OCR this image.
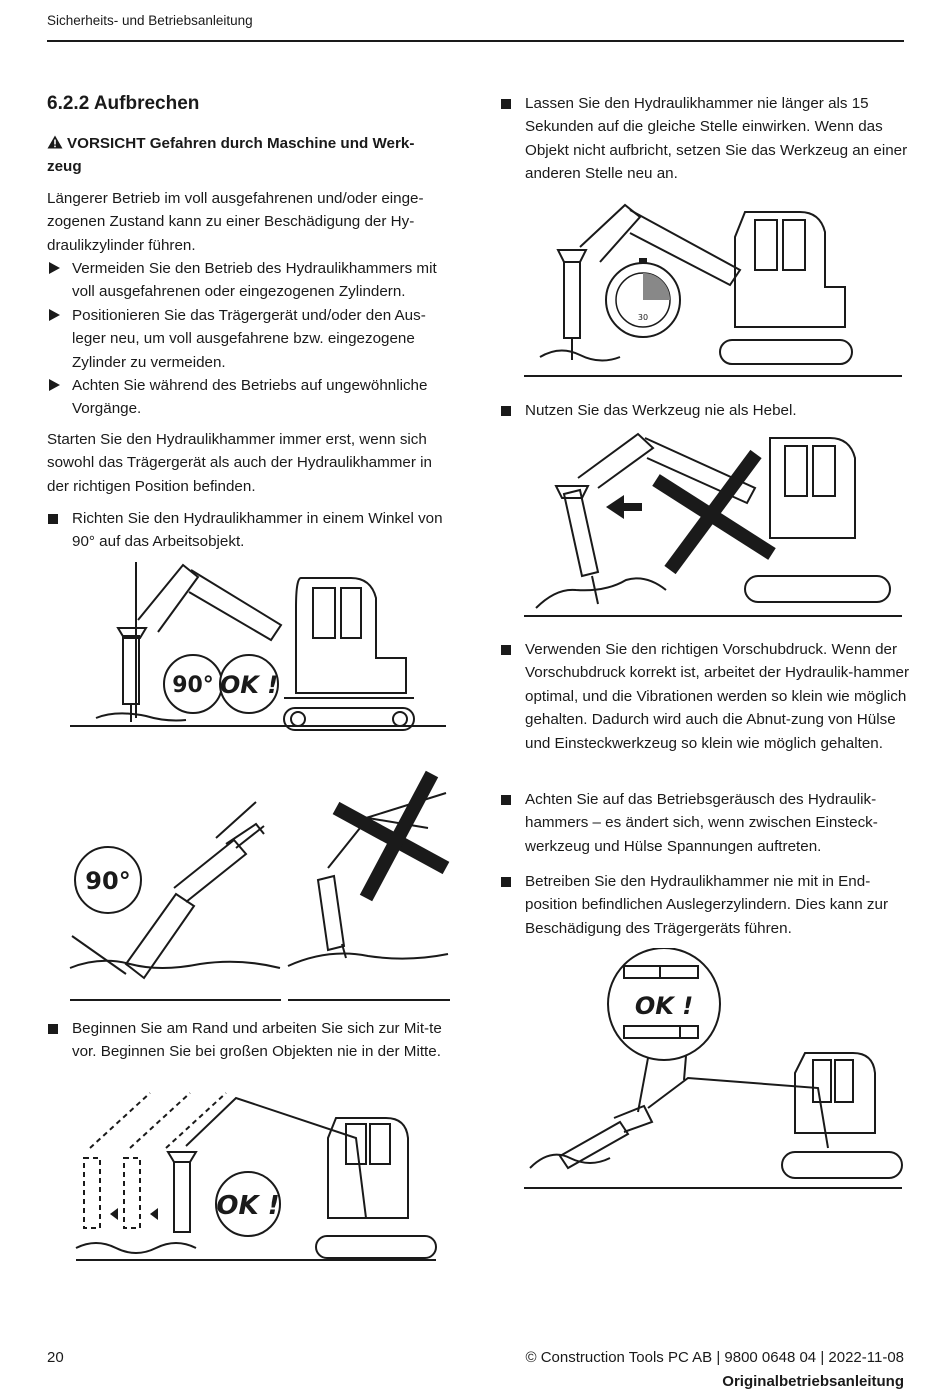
Sicherheits- und Betriebsanleitung
6.2.2 Aufbrechen
VORSICHT Gefahren durch Maschine und Werk-
zeug
Längerer Betrieb im voll ausgefahrenen und/oder einge-zogenen Zustand kann zu einer Beschädigung der Hy-draulikzylinder führen.
Vermeiden Sie den Betrieb des Hydraulikhammers mit voll ausgefahrenen oder eingezogenen Zylindern.
Positionieren Sie das Trägergerät und/oder den Aus-leger neu, um voll ausgefahrene bzw. eingezogene Zylinder zu vermeiden.
Achten Sie während des Betriebs auf ungewöhnliche Vorgänge.
Starten Sie den Hydraulikhammer immer erst, wenn sich sowohl das Trägergerät als auch der Hydraulikhammer in der richtigen Position befinden.
Richten Sie den Hydraulikhammer in einem Winkel von 90° auf das Arbeitsobjekt.
90° OK !
90°
Beginnen Sie am Rand und arbeiten Sie sich zur Mit-te vor. Beginnen Sie bei großen Objekten nie in der Mitte.
OK !
Lassen Sie den Hydraulikhammer nie länger als 15 Sekunden auf die gleiche Stelle einwirken. Wenn das Objekt nicht aufbricht, setzen Sie das Werkzeug an einer anderen Stelle neu an.
30
Nutzen Sie das Werkzeug nie als Hebel.
Verwenden Sie den richtigen Vorschubdruck. Wenn der Vorschubdruck korrekt ist, arbeitet der Hydraulik-hammer optimal, und die Vibrationen werden so klein wie möglich gehalten. Dadurch wird auch die Abnut-zung von Hülse und Einsteckwerkzeug so klein wie möglich gehalten.
Achten Sie auf das Betriebsgeräusch des Hydraulik-hammers – es ändert sich, wenn zwischen Einsteck-werkzeug und Hülse Spannungen auftreten.
Betreiben Sie den Hydraulikhammer nie mit in End-position befindlichen Auslegerzylindern. Dies kann zur Beschädigung des Trägergeräts führen.
OK !
20	© Construction Tools PC AB | 9800 0648 04 | 2022-11-08
Originalbetriebsanleitung
